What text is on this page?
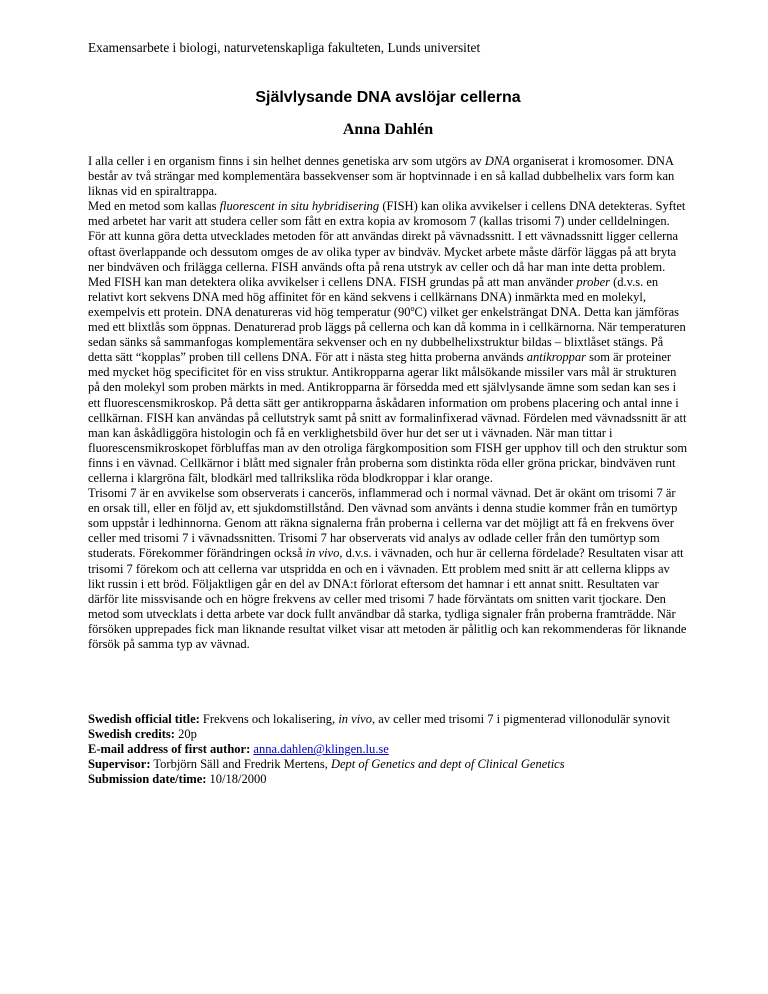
Examensarbete i biologi, naturvetenskapliga fakulteten, Lunds universitet
Självlysande DNA avslöjar cellerna
Anna Dahlén

I alla celler i en organism finns i sin helhet dennes genetiska arv som utgörs av DNA organiserat i kromosomer. DNA består av två strängar med komplementära bassekvenser som är hoptvinnade i en så kallad dubbelhelix vars form kan liknas vid en spiraltrappa.

Med en metod som kallas fluorescent in situ hybridisering (FISH) kan olika avvikelser i cellens DNA detekteras. Syftet med arbetet har varit att studera celler som fått en extra kopia av kromosom 7 (kallas trisomi 7) under celldelningen. För att kunna göra detta utvecklades metoden för att användas direkt på vävnadssnitt. I ett vävnadssnitt ligger cellerna oftast överlappande och dessutom omges de av olika typer av bindväv. Mycket arbete måste därför läggas på att bryta ner bindväven och frilägga cellerna. FISH används ofta på rena utstryk av celler och då har man inte detta problem. Med FISH kan man detektera olika avvikelser i cellens DNA. FISH grundas på att man använder prober (d.v.s. en relativt kort sekvens DNA med hög affinitet för en känd sekvens i cellkärnans DNA) inmärkta med en molekyl, exempelvis ett protein. DNA denatureras vid hög temperatur (90$^o$C) vilket ger enkelsträngat DNA. Detta kan jämföras med ett blixtlås som öppnas. Denaturerad prob läggs på cellerna och kan då komma in i cellkärnorna. När temperaturen sedan sänks så sammanfogas komplementära sekvenser och en ny dubbelhelixstruktur bildas – blixtlåset stängs. På detta sätt “kopplas” proben till cellens DNA. För att i nästa steg hitta proberna används antikroppar som är proteiner med mycket hög specificitet för en viss struktur. Antikropparna agerar likt målsökande missiler vars mål är strukturen på den molekyl som proben märkts in med. Antikropparna är försedda med ett självlysande ämne som sedan kan ses i ett fluorescensmikroskop. På detta sätt ger antikropparna åskådaren information om probens placering och antal inne i cellkärnan. FISH kan användas på cellutstryk samt på snitt av formalinfixerad vävnad. Fördelen med vävnadssnitt är att man kan åskådliggöra histologin och få en verklighetsbild över hur det ser ut i vävnaden. När man tittar i fluorescensmikroskopet förbluffas man av den otroliga färgkomposition som FISH ger upphov till och den struktur som finns i en vävnad. Cellkärnor i blått med signaler från proberna som distinkta röda eller gröna prickar, bindväven runt cellerna i klargröna fält, blodkärl med tallrikslika röda blodkroppar i klar orange.

Trisomi 7 är en avvikelse som observerats i cancerös, inflammerad och i normal vävnad. Det är okänt om trisomi 7 är en orsak till, eller en följd av, ett sjukdomstillstånd. Den vävnad som använts i denna studie kommer från en tumörtyp som uppstår i ledhinnorna. Genom att räkna signalerna från proberna i cellerna var det möjligt att få en frekvens över celler med trisomi 7 i vävnadssnitten. Trisomi 7 har observerats vid analys av odlade celler från den tumörtyp som studerats. Förekommer förändringen också in vivo, d.v.s. i vävnaden, och hur är cellerna fördelade? Resultaten visar att trisomi 7 förekom och att cellerna var utspridda en och en i vävnaden. Ett problem med snitt är att cellerna klipps av likt russin i ett bröd. Följaktligen går en del av DNA:t förlorat eftersom det hamnar i ett annat snitt. Resultaten var därför lite missvisande och en högre frekvens av celler med trisomi 7 hade förväntats om snitten varit tjockare. Den metod som utvecklats i detta arbete var dock fullt användbar då starka, tydliga signaler från proberna framträdde. När försöken upprepades fick man liknande resultat vilket visar att metoden är pålitlig och kan rekommenderas för liknande försök på samma typ av vävnad.

Swedish official title: Frekvens och lokalisering, in vivo, av celler med trisomi 7 i pigmenterad villonodulär synovit
Swedish credits: 20p
E-mail address of first author: anna.dahlen@klingen.lu.se
Supervisor: Torbjörn Säll and Fredrik Mertens, Dept of Genetics and dept of Clinical Genetics
Submission date/time: 10/18/2000
